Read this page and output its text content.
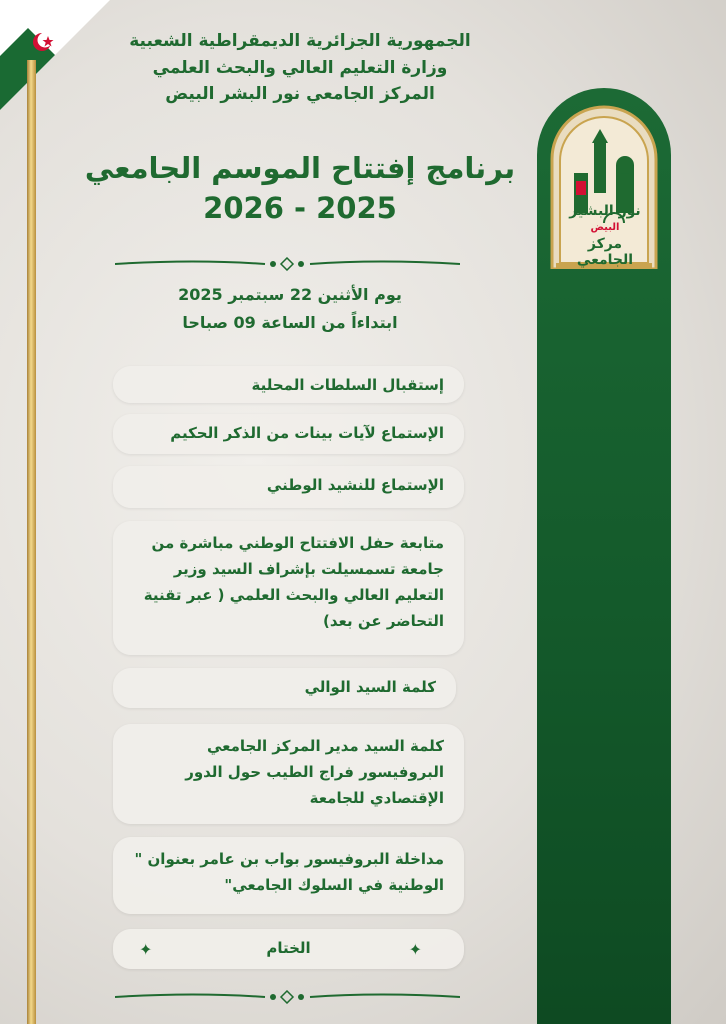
نور البشير
البيض
مركز الجامعي
الجمهورية الجزائرية الديمقراطية الشعبية
وزارة التعليم العالي والبحث العلمي
المركز الجامعي نور البشر البيض
برنامج إفتتاح الموسم الجامعي
2026 - 2025
يوم الأثنين 22 سبتمبر 2025
ابتداءاً من الساعة 09 صباحا
إستقبال السلطات المحلية
الإستماع لآيات بينات من الذكر الحكيم
الإستماع للنشيد الوطني
متابعة حفل الافتتاح الوطني مباشرة من جامعة تسمسيلت بإشراف السيد وزير التعليم العالي والبحث العلمي ( عبر تقنية التحاضر عن بعد)
كلمة السيد الوالي
كلمة السيد مدير المركز الجامعي البروفيسور فراج الطيب حول الدور الإقتصادي للجامعة
مداخلة البروفيسور بواب بن عامر بعنوان " الوطنية في السلوك الجامعي"
✦
الختام
✦
